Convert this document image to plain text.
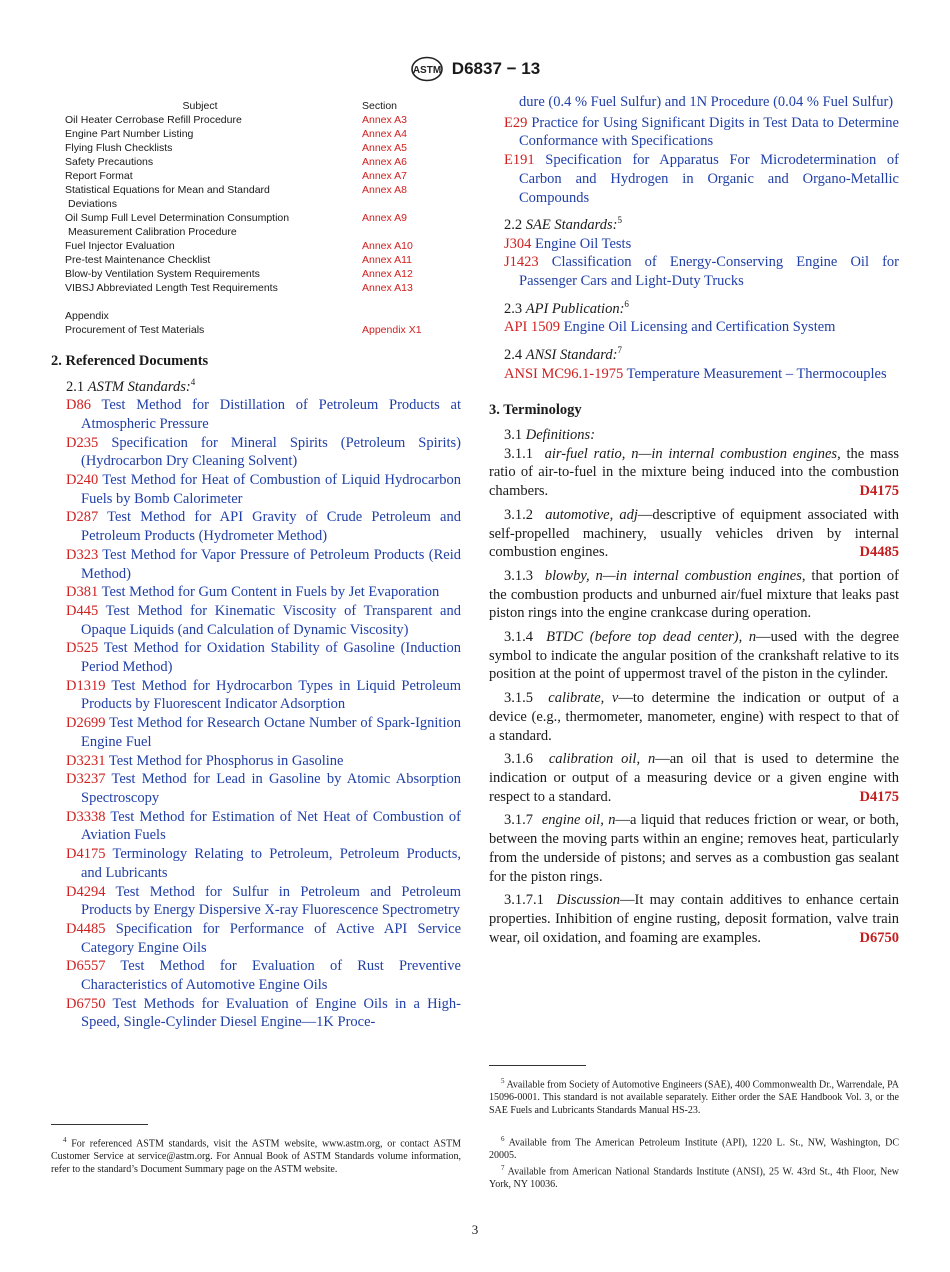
ASTM D6837 − 13
Subject	Section
Oil Heater Cerrobase Refill Procedure	Annex A3
Engine Part Number Listing	Annex A4
Flying Flush Checklists	Annex A5
Safety Precautions	Annex A6
Report Format	Annex A7
Statistical Equations for Mean and Standard	Annex A8
Deviations
Oil Sump Full Level Determination Consumption	Annex A9
Measurement Calibration Procedure
Fuel Injector Evaluation	Annex A10
Pre-test Maintenance Checklist	Annex A11
Blow-by Ventilation System Requirements	Annex A12
VIBSJ Abbreviated Length Test Requirements	Annex A13
Appendix
Procurement of Test Materials	Appendix X1
2. Referenced Documents
2.1 ASTM Standards:$^4$

D86 Test Method for Distillation of Petroleum Products at Atmospheric Pressure

D235 Specification for Mineral Spirits (Petroleum Spirits) (Hydrocarbon Dry Cleaning Solvent)

D240 Test Method for Heat of Combustion of Liquid Hydrocarbon Fuels by Bomb Calorimeter

D287 Test Method for API Gravity of Crude Petroleum and Petroleum Products (Hydrometer Method)

D323 Test Method for Vapor Pressure of Petroleum Products (Reid Method)

D381 Test Method for Gum Content in Fuels by Jet Evaporation

D445 Test Method for Kinematic Viscosity of Transparent and Opaque Liquids (and Calculation of Dynamic Viscosity)

D525 Test Method for Oxidation Stability of Gasoline (Induction Period Method)

D1319 Test Method for Hydrocarbon Types in Liquid Petroleum Products by Fluorescent Indicator Adsorption

D2699 Test Method for Research Octane Number of Spark-Ignition Engine Fuel

D3231 Test Method for Phosphorus in Gasoline

D3237 Test Method for Lead in Gasoline by Atomic Absorption Spectroscopy

D3338 Test Method for Estimation of Net Heat of Combustion of Aviation Fuels

D4175 Terminology Relating to Petroleum, Petroleum Products, and Lubricants

D4294 Test Method for Sulfur in Petroleum and Petroleum Products by Energy Dispersive X-ray Fluorescence Spectrometry

D4485 Specification for Performance of Active API Service Category Engine Oils

D6557 Test Method for Evaluation of Rust Preventive Characteristics of Automotive Engine Oils

D6750 Test Methods for Evaluation of Engine Oils in a High-Speed, Single-Cylinder Diesel Engine—1K Proce-

dure (0.4 % Fuel Sulfur) and 1N Procedure (0.04 % Fuel Sulfur)

E29 Practice for Using Significant Digits in Test Data to Determine Conformance with Specifications

E191 Specification for Apparatus For Microdetermination of Carbon and Hydrogen in Organic and Organo-Metallic Compounds

2.2 SAE Standards:$^5$

J304 Engine Oil Tests

J1423 Classification of Energy-Conserving Engine Oil for Passenger Cars and Light-Duty Trucks

2.3 API Publication:$^6$

API 1509 Engine Oil Licensing and Certification System

2.4 ANSI Standard:$^7$

ANSI MC96.1-1975 Temperature Measurement – Thermocouples

3. Terminology
3.1 Definitions:

3.1.1 air-fuel ratio, n—in internal combustion engines, the mass ratio of air-to-fuel in the mixture being induced into the combustion chambers.	D4175

3.1.2 automotive, adj—descriptive of equipment associated with self-propelled machinery, usually vehicles driven by internal combustion engines.	D4485

3.1.3 blowby, n—in internal combustion engines, that portion of the combustion products and unburned air/fuel mixture that leaks past piston rings into the engine crankcase during operation.

3.1.4 BTDC (before top dead center), n—used with the degree symbol to indicate the angular position of the crankshaft relative to its position at the point of uppermost travel of the piston in the cylinder.

3.1.5 calibrate, v—to determine the indication or output of a device (e.g., thermometer, manometer, engine) with respect to that of a standard.

3.1.6 calibration oil, n—an oil that is used to determine the indication or output of a measuring device or a given engine with respect to a standard.	D4175

3.1.7 engine oil, n—a liquid that reduces friction or wear, or both, between the moving parts within an engine; removes heat, particularly from the underside of pistons; and serves as a combustion gas sealant for the piston rings.

3.1.7.1 Discussion—It may contain additives to enhance certain properties. Inhibition of engine rusting, deposit formation, valve train wear, oil oxidation, and foaming are examples.	D6750

$^4$ For referenced ASTM standards, visit the ASTM website, www.astm.org, or contact ASTM Customer Service at service@astm.org. For Annual Book of ASTM Standards volume information, refer to the standard’s Document Summary page on the ASTM website.
$^5$ Available from Society of Automotive Engineers (SAE), 400 Commonwealth Dr., Warrendale, PA 15096-0001. This standard is not available separately. Either order the SAE Handbook Vol. 3, or the SAE Fuels and Lubricants Standards Manual HS-23.
$^6$ Available from The American Petroleum Institute (API), 1220 L. St., NW, Washington, DC 20005.
$^7$ Available from American National Standards Institute (ANSI), 25 W. 43rd St., 4th Floor, New York, NY 10036.
3
